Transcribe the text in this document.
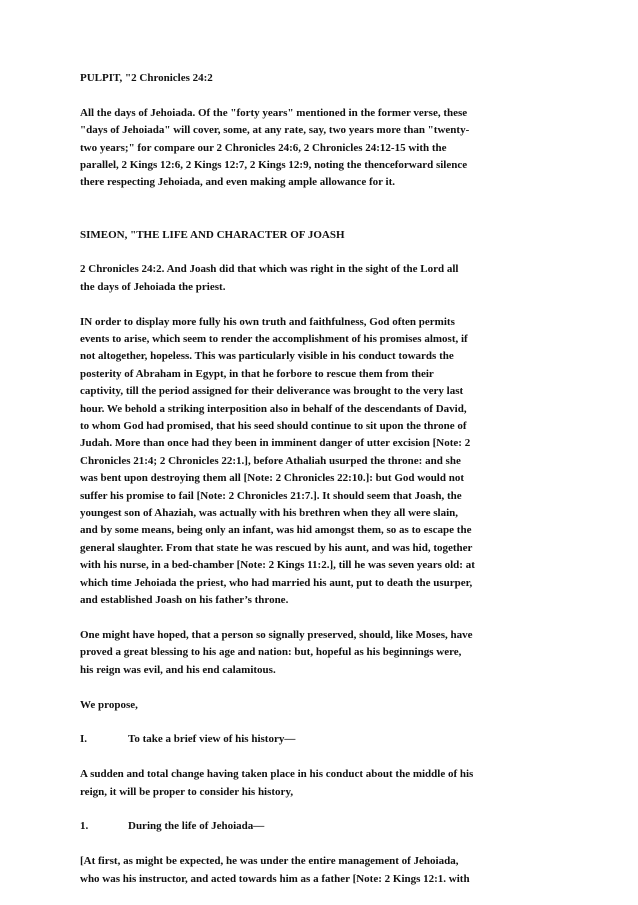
PULPIT, "2 Chronicles 24:2

All the days of Jehoiada. Of the "forty years" mentioned in the former verse, these
"days of Jehoiada" will cover, some, at any rate, say, two years more than "twenty-
two years;" for compare our 2 Chronicles 24:6, 2 Chronicles 24:12-15 with the
parallel, 2 Kings 12:6, 2 Kings 12:7, 2 Kings 12:9, noting the thenceforward silence
there respecting Jehoiada, and even making ample allowance for it.

SIMEON, "THE LIFE AND CHARACTER OF JOASH

2 Chronicles 24:2. And Joash did that which was right in the sight of the Lord all
the days of Jehoiada the priest.

IN order to display more fully his own truth and faithfulness, God often permits
events to arise, which seem to render the accomplishment of his promises almost, if
not altogether, hopeless. This was particularly visible in his conduct towards the
posterity of Abraham in Egypt, in that he forbore to rescue them from their
captivity, till the period assigned for their deliverance was brought to the very last
hour. We behold a striking interposition also in behalf of the descendants of David,
to whom God had promised, that his seed should continue to sit upon the throne of
Judah. More than once had they been in imminent danger of utter excision [Note: 2
Chronicles 21:4; 2 Chronicles 22:1.], before Athaliah usurped the throne: and she
was bent upon destroying them all [Note: 2 Chronicles 22:10.]: but God would not
suffer his promise to fail [Note: 2 Chronicles 21:7.]. It should seem that Joash, the
youngest son of Ahaziah, was actually with his brethren when they all were slain,
and by some means, being only an infant, was hid amongst them, so as to escape the
general slaughter. From that state he was rescued by his aunt, and was hid, together
with his nurse, in a bed-chamber [Note: 2 Kings 11:2.], till he was seven years old: at
which time Jehoiada the priest, who had married his aunt, put to death the usurper,
and established Joash on his father’s throne.

One might have hoped, that a person so signally preserved, should, like Moses, have
proved a great blessing to his age and nation: but, hopeful as his beginnings were,
his reign was evil, and his end calamitous.

We propose,

I.	To take a brief view of his history—

A sudden and total change having taken place in his conduct about the middle of his
reign, it will be proper to consider his history,

1.	During the life of Jehoiada—

[At first, as might be expected, he was under the entire management of Jehoiada,
who was his instructor, and acted towards him as a father [Note: 2 Kings 12:1. with
